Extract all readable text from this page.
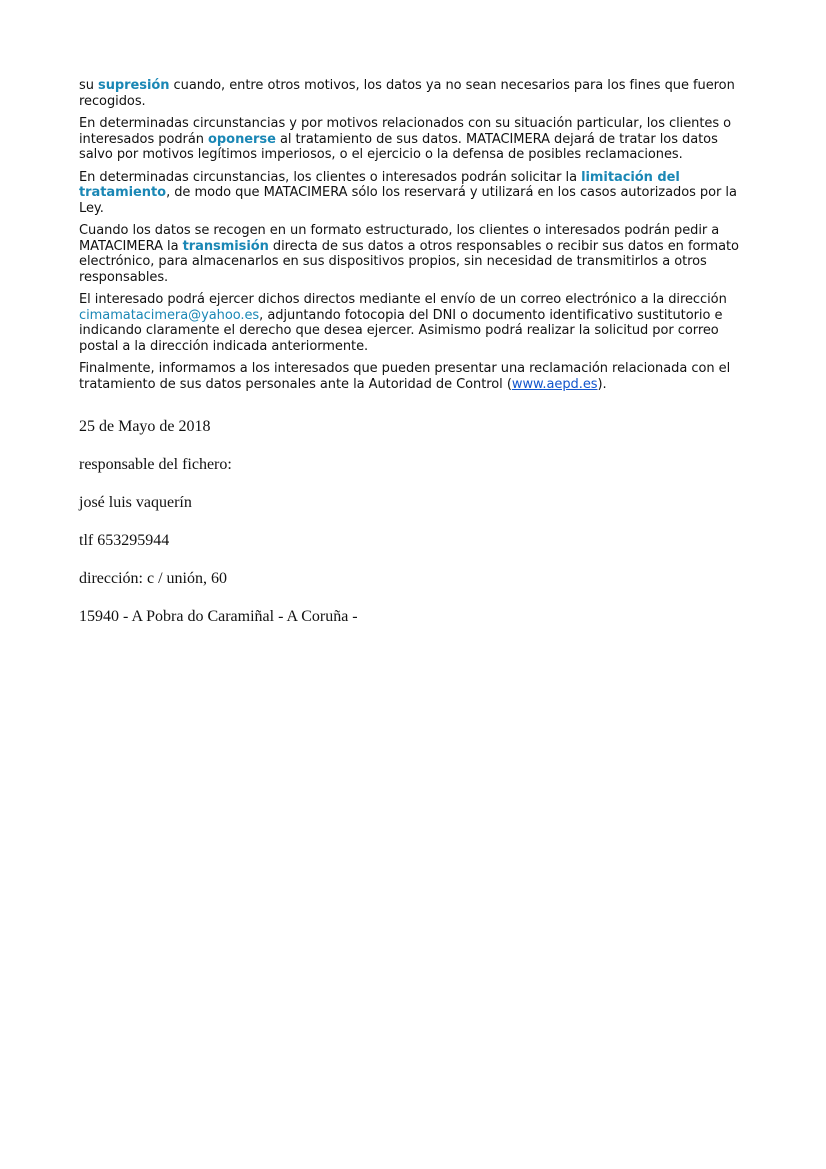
su supresión cuando, entre otros motivos, los datos ya no sean necesarios para los fines que fueron recogidos.

En determinadas circunstancias y por motivos relacionados con su situación particular, los clientes o interesados podrán oponerse al tratamiento de sus datos. MATACIMERA dejará de tratar los datos salvo por motivos legítimos imperiosos, o el ejercicio o la defensa de posibles reclamaciones.

En determinadas circunstancias, los clientes o interesados podrán solicitar la limitación del tratamiento, de modo que MATACIMERA sólo los reservará y utilizará en los casos autorizados por la Ley.

Cuando los datos se recogen en un formato estructurado, los clientes o interesados podrán pedir a MATACIMERA la transmisión directa de sus datos a otros responsables o recibir sus datos en formato electrónico, para almacenarlos en sus dispositivos propios, sin necesidad de transmitirlos a otros responsables.

El interesado podrá ejercer dichos directos mediante el envío de un correo electrónico a la dirección cimamatacimera@yahoo.es, adjuntando fotocopia del DNI o documento identificativo sustitutorio e indicando claramente el derecho que desea ejercer. Asimismo podrá realizar la solicitud por correo postal a la dirección indicada anteriormente.

Finalmente, informamos a los interesados que pueden presentar una reclamación relacionada con el tratamiento de sus datos personales ante la Autoridad de Control (www.aepd.es).

25 de Mayo de 2018

responsable del fichero:

josé luis vaquerín

tlf 653295944

dirección: c / unión, 60

15940 - A Pobra do Caramiñal - A Coruña -
